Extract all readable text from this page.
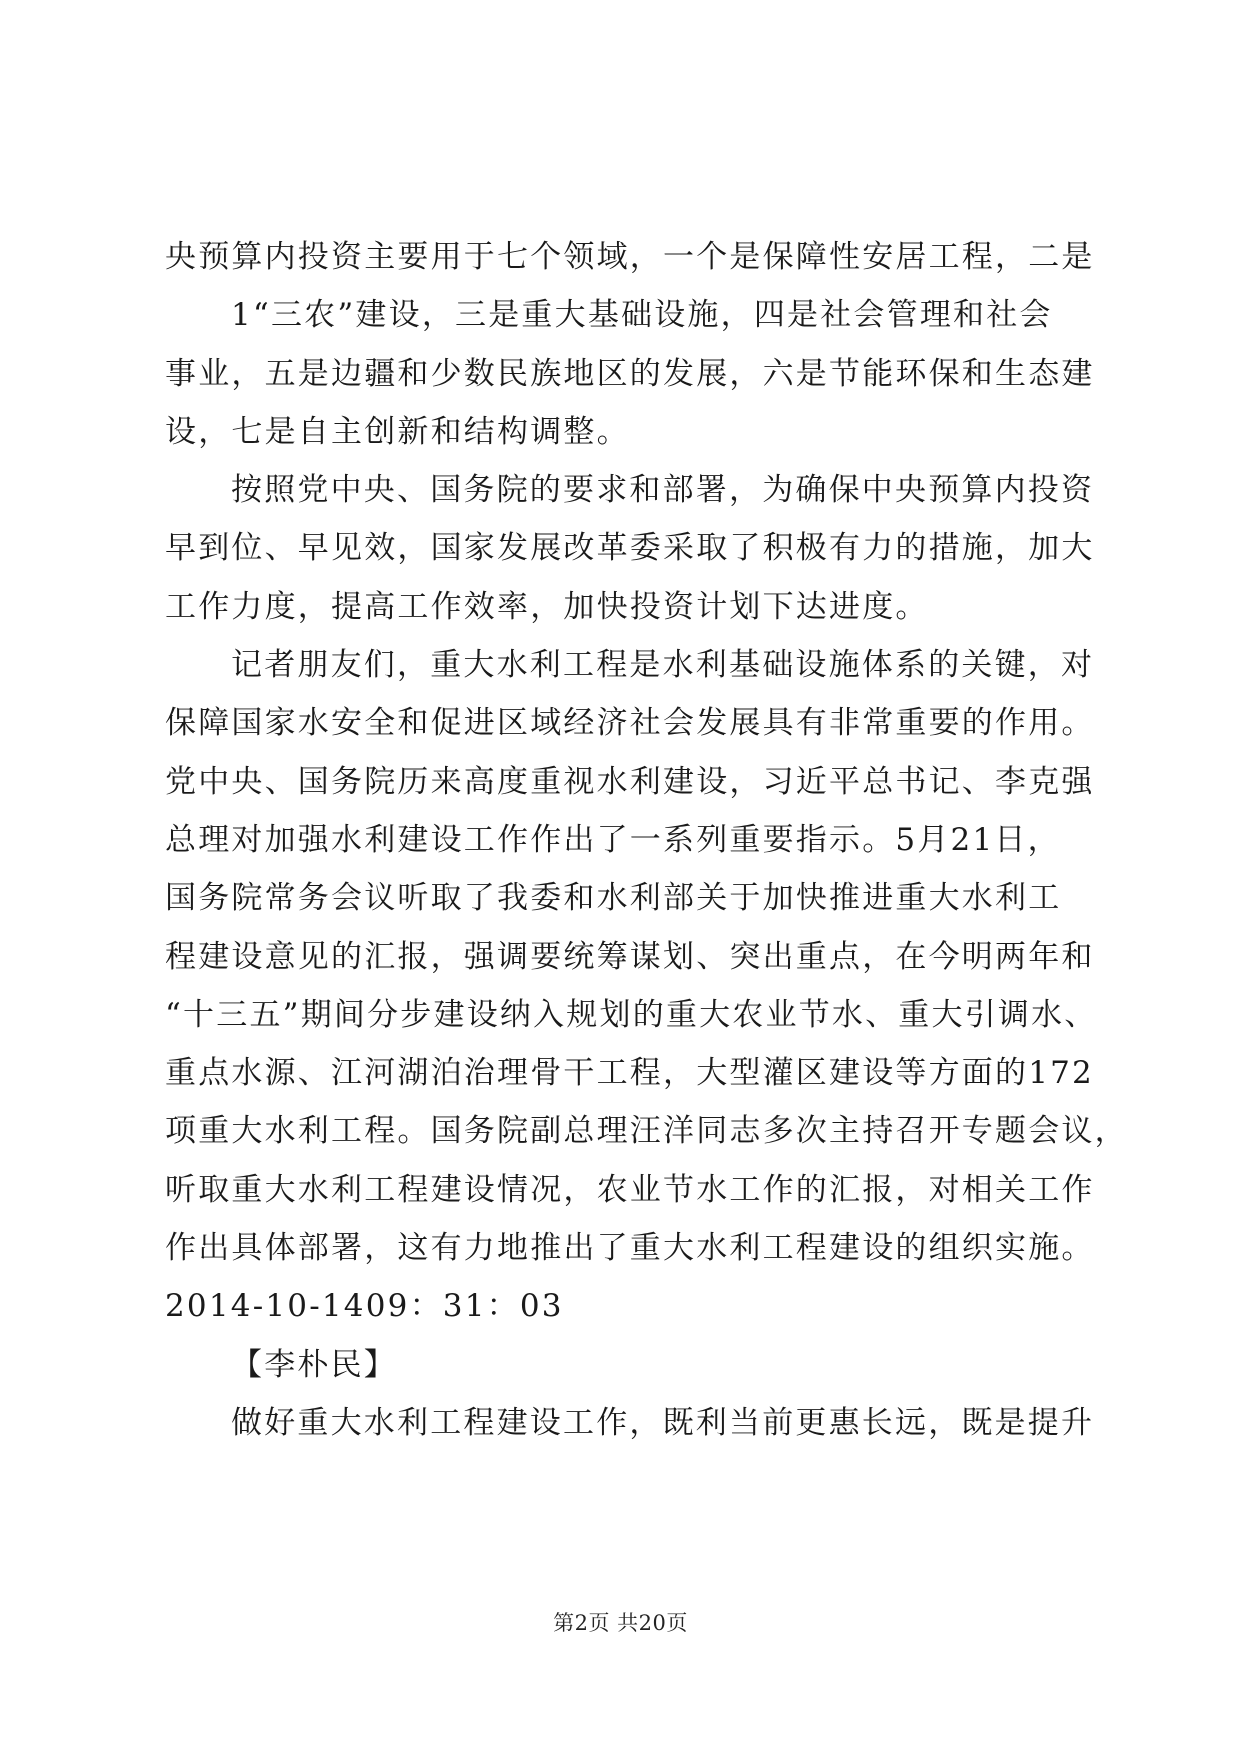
央预算内投资主要用于七个领域，一个是保障性安居工程，二是
1“三农”建设，三是重大基础设施，四是社会管理和社会
事业，五是边疆和少数民族地区的发展，六是节能环保和生态建
设，七是自主创新和结构调整。
按照党中央、国务院的要求和部署，为确保中央预算内投资
早到位、早见效，国家发展改革委采取了积极有力的措施，加大
工作力度，提高工作效率，加快投资计划下达进度。
记者朋友们，重大水利工程是水利基础设施体系的关键，对
保障国家水安全和促进区域经济社会发展具有非常重要的作用。
党中央、国务院历来高度重视水利建设，习近平总书记、李克强
总理对加强水利建设工作作出了一系列重要指示。5月21日，
国务院常务会议听取了我委和水利部关于加快推进重大水利工
程建设意见的汇报，强调要统筹谋划、突出重点，在今明两年和
“十三五”期间分步建设纳入规划的重大农业节水、重大引调水、
重点水源、江河湖泊治理骨干工程，大型灌区建设等方面的172
项重大水利工程。国务院副总理汪洋同志多次主持召开专题会议，
听取重大水利工程建设情况，农业节水工作的汇报，对相关工作
作出具体部署，这有力地推出了重大水利工程建设的组织实施。
2014-10-1409：31：03
【李朴民】
做好重大水利工程建设工作，既利当前更惠长远，既是提升
第2页 共20页
